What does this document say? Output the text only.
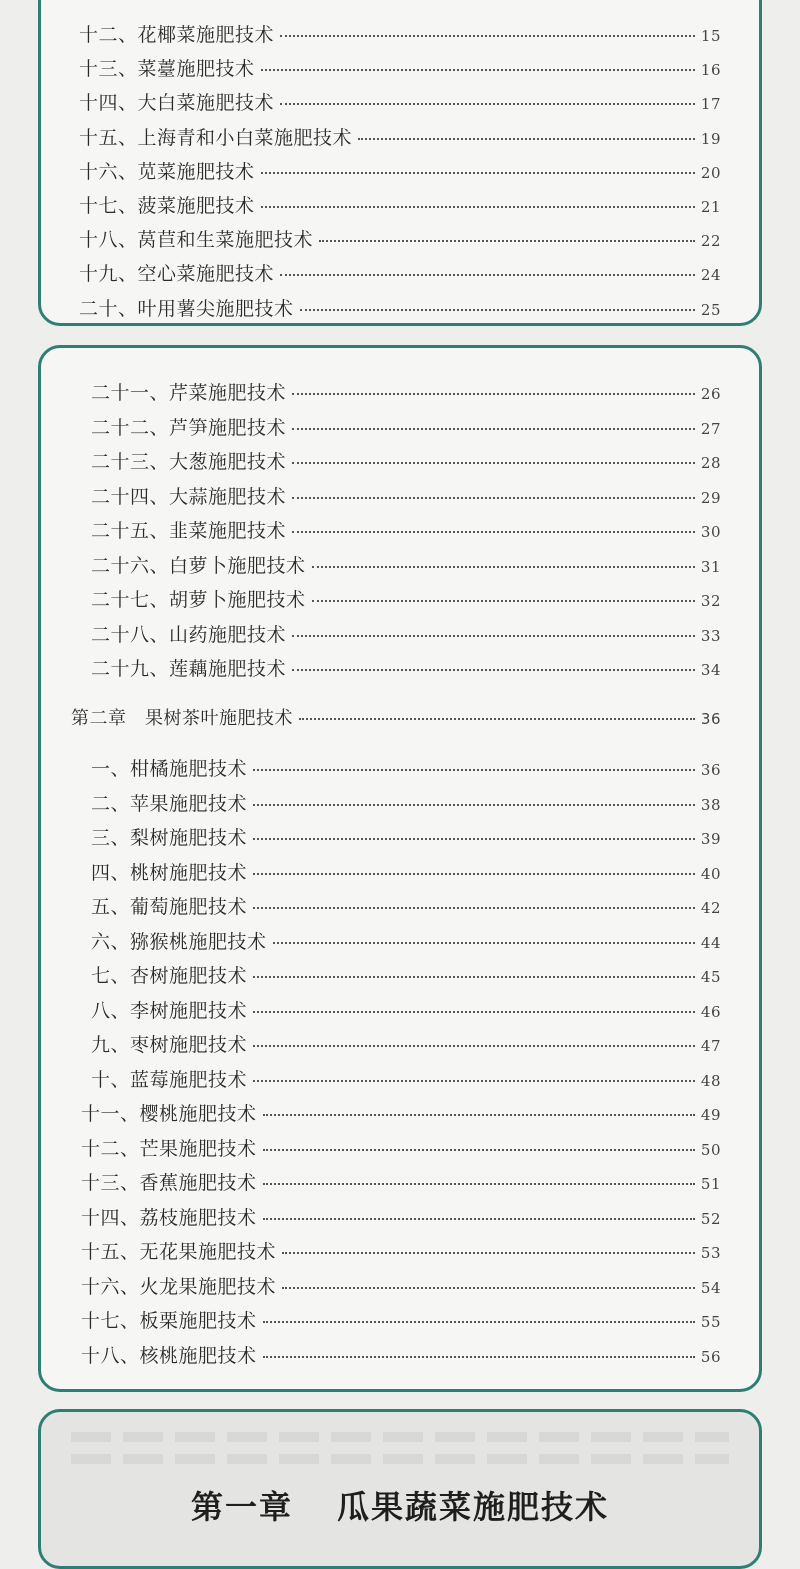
十二、花椰菜施肥技术	15
十三、菜薹施肥技术	16
十四、大白菜施肥技术	17
十五、上海青和小白菜施肥技术	19
十六、苋菜施肥技术	20
十七、菠菜施肥技术	21
十八、莴苣和生菜施肥技术	22
十九、空心菜施肥技术	24
二十、叶用薯尖施肥技术	25
二十一、芹菜施肥技术	26
二十二、芦笋施肥技术	27
二十三、大葱施肥技术	28
二十四、大蒜施肥技术	29
二十五、韭菜施肥技术	30
二十六、白萝卜施肥技术	31
二十七、胡萝卜施肥技术	32
二十八、山药施肥技术	33
二十九、莲藕施肥技术	34
第二章　果树茶叶施肥技术	36
一、柑橘施肥技术	36
二、苹果施肥技术	38
三、梨树施肥技术	39
四、桃树施肥技术	40
五、葡萄施肥技术	42
六、猕猴桃施肥技术	44
七、杏树施肥技术	45
八、李树施肥技术	46
九、枣树施肥技术	47
十、蓝莓施肥技术	48
十一、樱桃施肥技术	49
十二、芒果施肥技术	50
十三、香蕉施肥技术	51
十四、荔枝施肥技术	52
十五、无花果施肥技术	53
十六、火龙果施肥技术	54
十七、板栗施肥技术	55
十八、核桃施肥技术	56
第一章 瓜果蔬菜施肥技术
